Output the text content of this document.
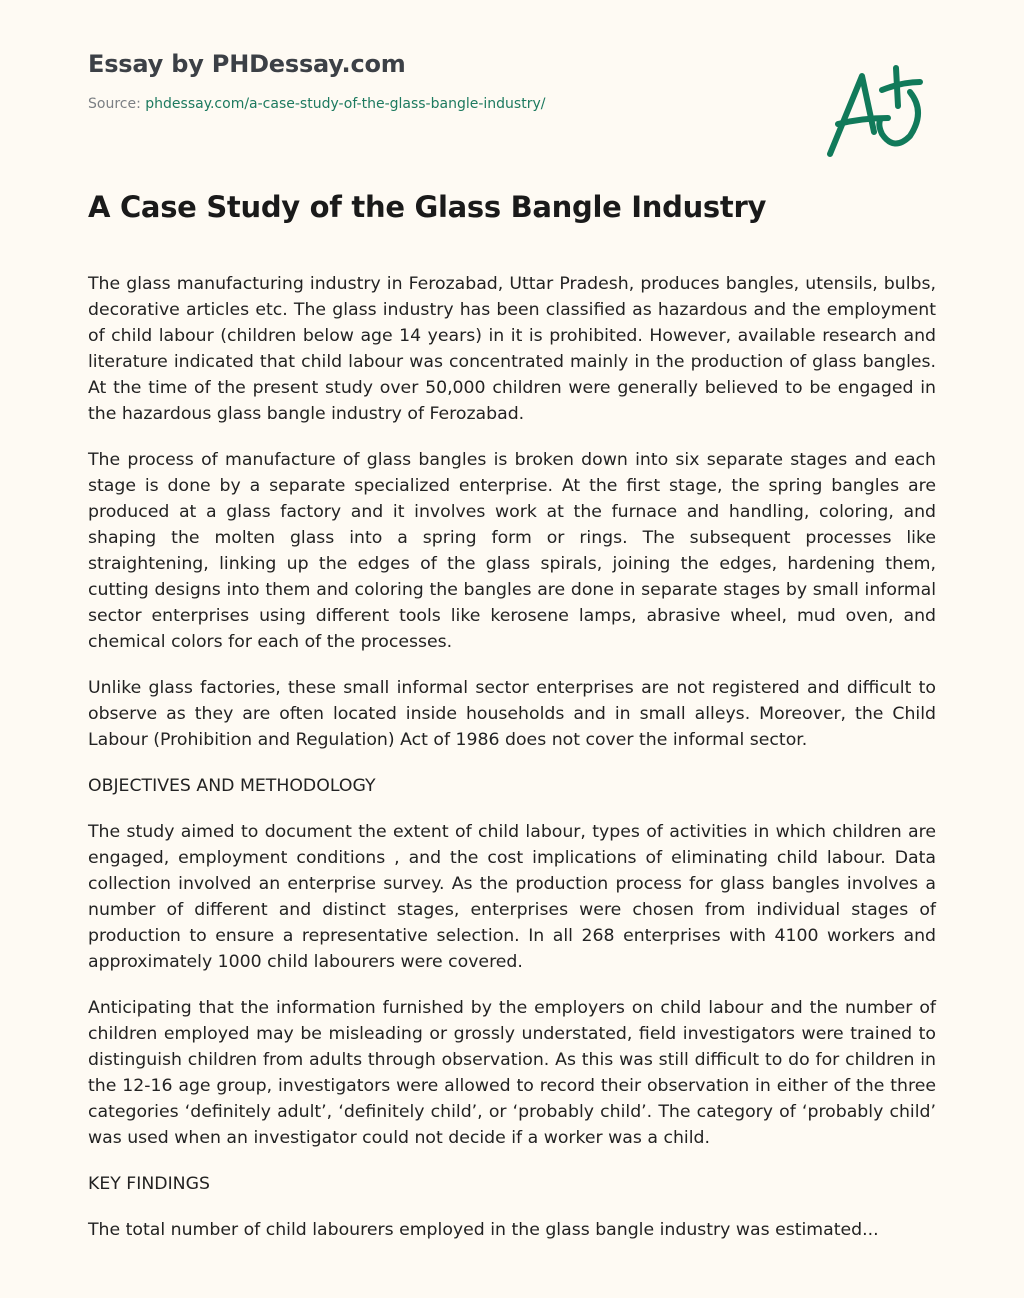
Essay by PHDessay.com
Source: phdessay.com/a-case-study-of-the-glass-bangle-industry/
A Case Study of the Glass Bangle Industry

The glass manufacturing industry in Ferozabad, Uttar Pradesh, produces bangles, utensils, bulbs, decorative articles etc. The glass industry has been classified as hazardous and the employment of child labour (children below age 14 years) in it is prohibited. However, available research and literature indicated that child labour was concentrated mainly in the production of glass bangles. At the time of the present study over 50,000 children were generally believed to be engaged in the hazardous glass bangle industry of Ferozabad.

The process of manufacture of glass bangles is broken down into six separate stages and each stage is done by a separate specialized enterprise. At the first stage, the spring bangles are produced at a glass factory and it involves work at the furnace and handling, coloring, and shaping the molten glass into a spring form or rings. The subsequent processes like straightening, linking up the edges of the glass spirals, joining the edges, hardening them, cutting designs into them and coloring the bangles are done in separate stages by small informal sector enterprises using different tools like kerosene lamps, abrasive wheel, mud oven, and chemical colors for each of the processes.

Unlike glass factories, these small informal sector enterprises are not registered and difficult to observe as they are often located inside households and in small alleys. Moreover, the Child Labour (Prohibition and Regulation) Act of 1986 does not cover the informal sector.

OBJECTIVES AND METHODOLOGY

The study aimed to document the extent of child labour, types of activities in which children are engaged, employment conditions , and the cost implications of eliminating child labour. Data collection involved an enterprise survey. As the production process for glass bangles involves a number of different and distinct stages, enterprises were chosen from individual stages of production to ensure a representative selection. In all 268 enterprises with 4100 workers and approximately 1000 child labourers were covered.

Anticipating that the information furnished by the employers on child labour and the number of children employed may be misleading or grossly understated, field investigators were trained to distinguish children from adults through observation. As this was still difficult to do for children in the 12-16 age group, investigators were allowed to record their observation in either of the three categories ‘definitely adult’, ‘definitely child’, or ‘probably child’. The category of ‘probably child’ was used when an investigator could not decide if a worker was a child.

KEY FINDINGS

The total number of child labourers employed in the glass bangle industry was estimated...
